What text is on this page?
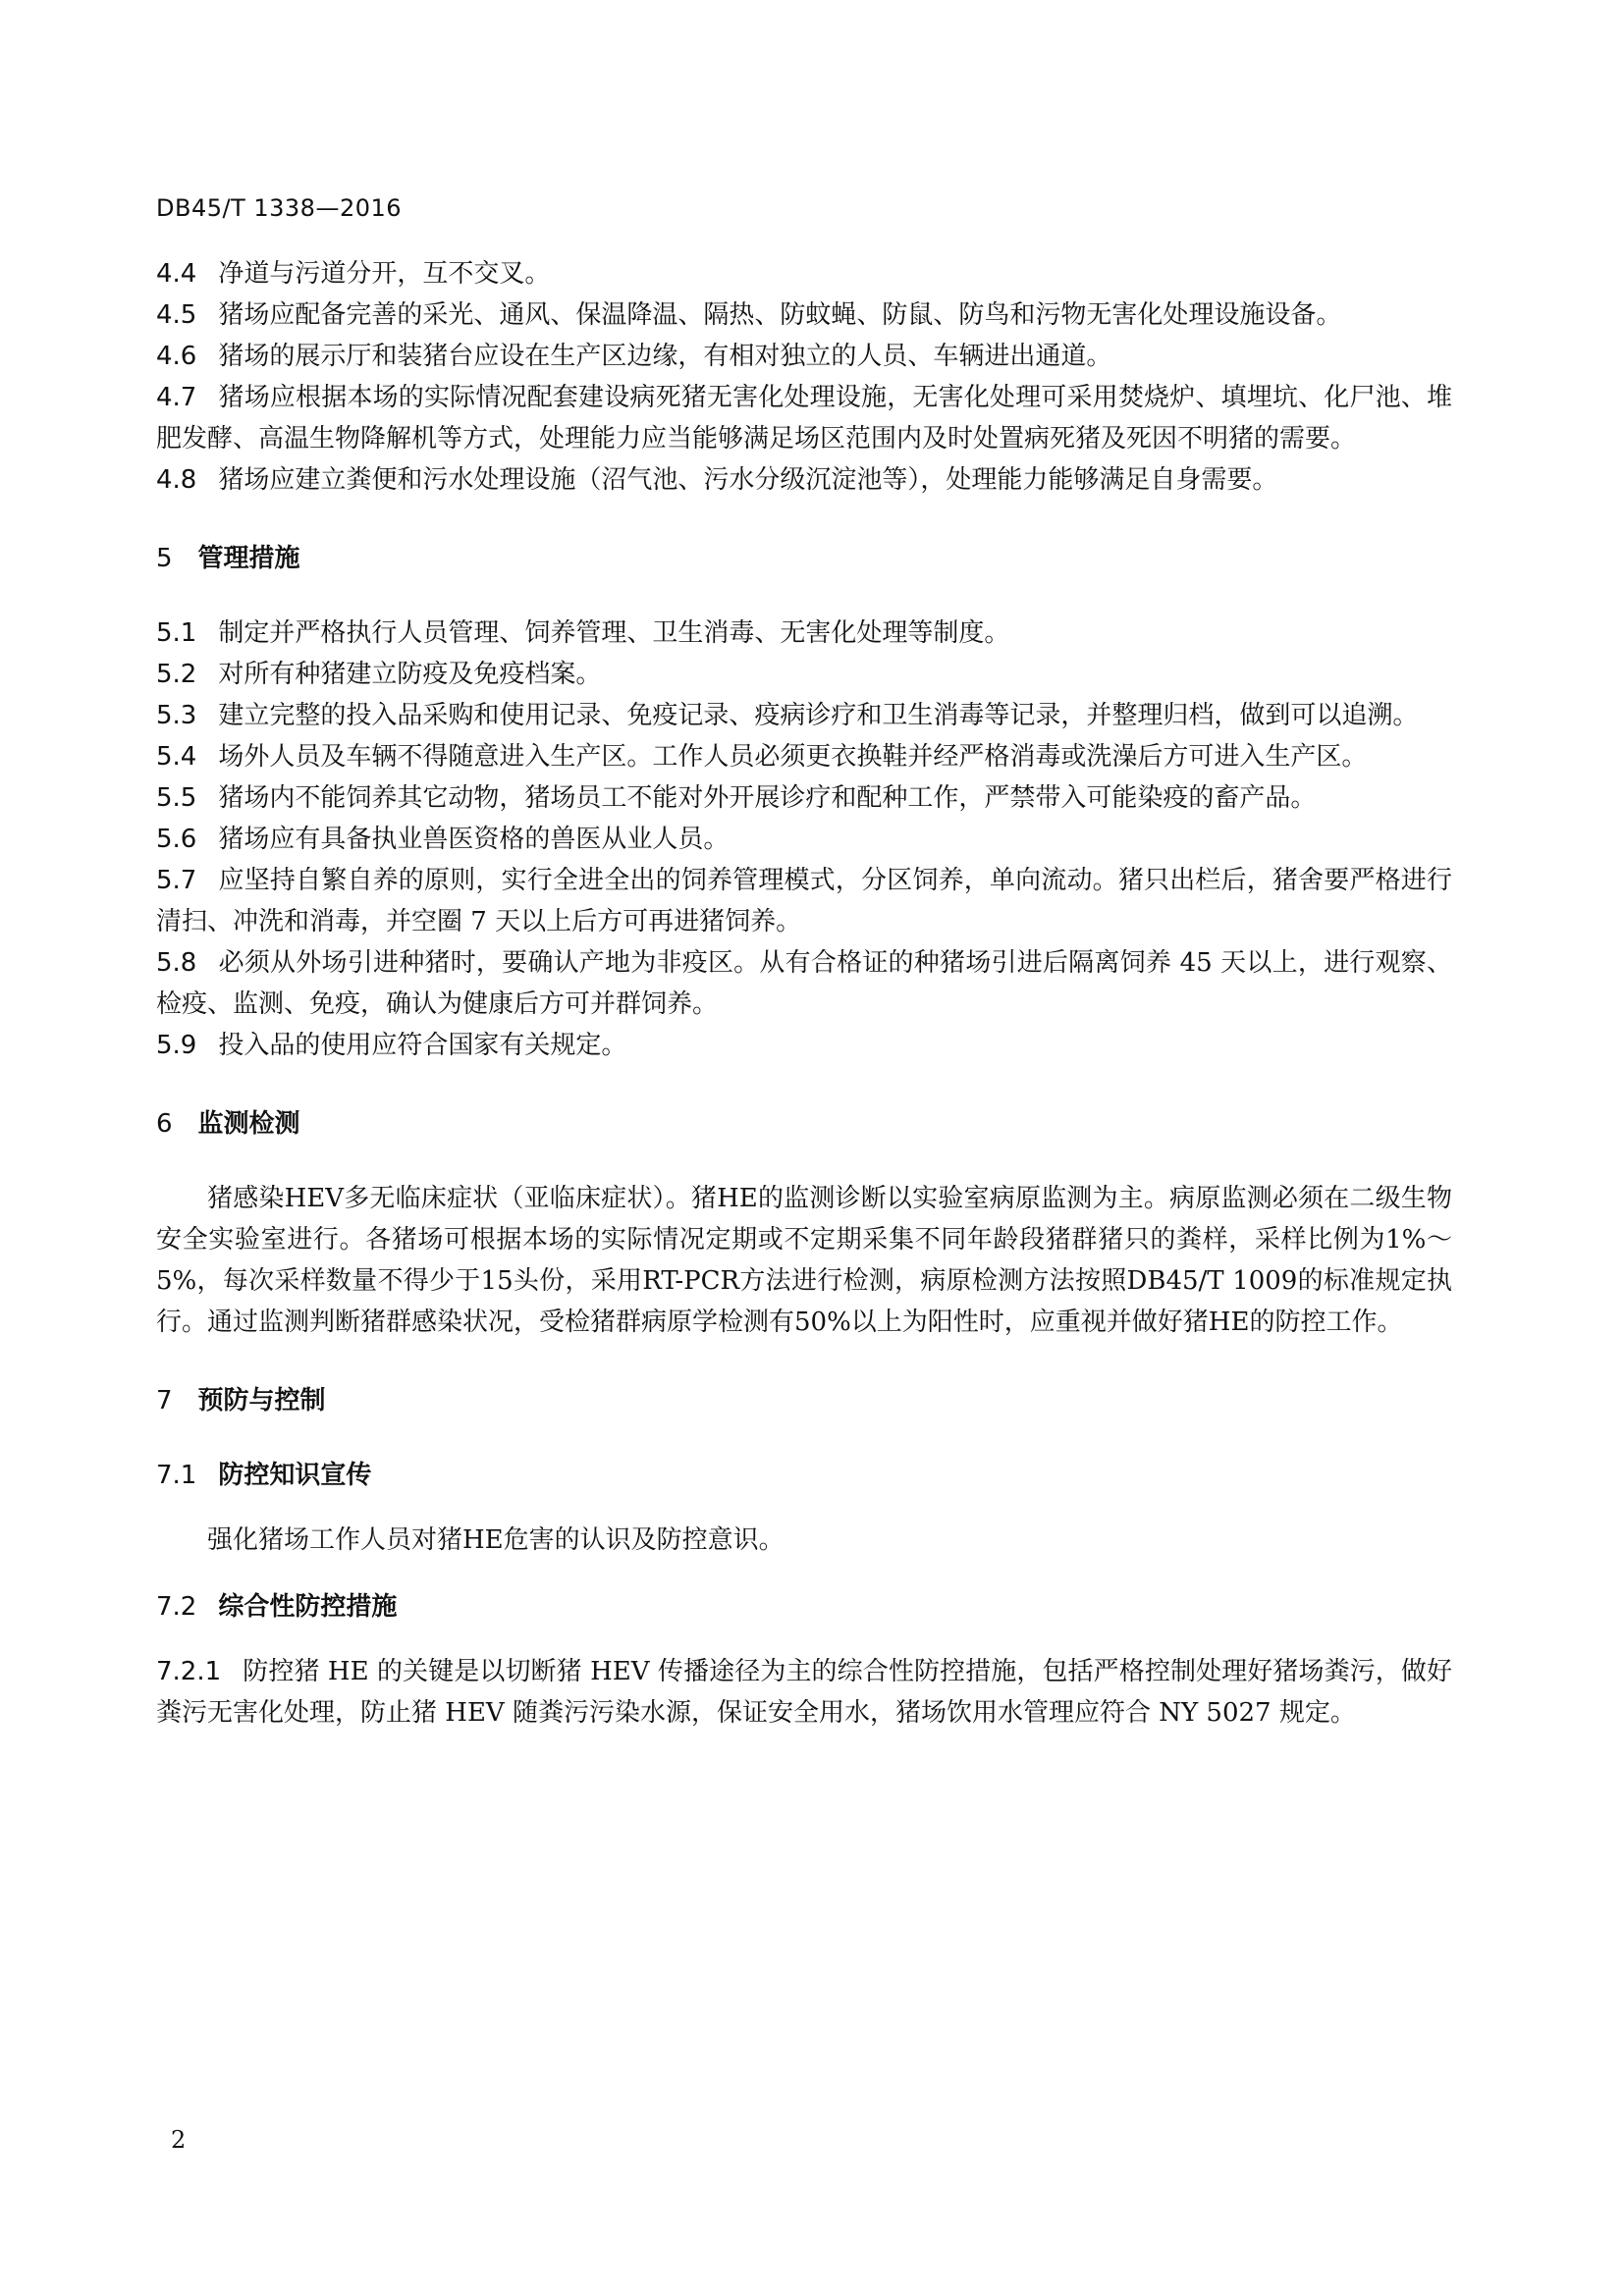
DB45/T 1338—2016

4.4 净道与污道分开，互不交叉。

4.5 猪场应配备完善的采光、通风、保温降温、隔热、防蚊蝇、防鼠、防鸟和污物无害化处理设施设备。

4.6 猪场的展示厅和装猪台应设在生产区边缘，有相对独立的人员、车辆进出通道。

4.7 猪场应根据本场的实际情况配套建设病死猪无害化处理设施，无害化处理可采用焚烧炉、填埋坑、化尸池、堆肥发酵、高温生物降解机等方式，处理能力应当能够满足场区范围内及时处置病死猪及死因不明猪的需要。

4.8 猪场应建立粪便和污水处理设施（沼气池、污水分级沉淀池等），处理能力能够满足自身需要。

5 管理措施

5.1 制定并严格执行人员管理、饲养管理、卫生消毒、无害化处理等制度。

5.2 对所有种猪建立防疫及免疫档案。

5.3 建立完整的投入品采购和使用记录、免疫记录、疫病诊疗和卫生消毒等记录，并整理归档，做到可以追溯。

5.4 场外人员及车辆不得随意进入生产区。工作人员必须更衣换鞋并经严格消毒或洗澡后方可进入生产区。

5.5 猪场内不能饲养其它动物，猪场员工不能对外开展诊疗和配种工作，严禁带入可能染疫的畜产品。

5.6 猪场应有具备执业兽医资格的兽医从业人员。

5.7 应坚持自繁自养的原则，实行全进全出的饲养管理模式，分区饲养，单向流动。猪只出栏后，猪舍要严格进行清扫、冲洗和消毒，并空圈 7 天以上后方可再进猪饲养。

5.8 必须从外场引进种猪时，要确认产地为非疫区。从有合格证的种猪场引进后隔离饲养 45 天以上，进行观察、检疫、监测、免疫，确认为健康后方可并群饲养。

5.9 投入品的使用应符合国家有关规定。

6 监测检测

猪感染HEV多无临床症状（亚临床症状）。猪HE的监测诊断以实验室病原监测为主。病原监测必须在二级生物安全实验室进行。各猪场可根据本场的实际情况定期或不定期采集不同年龄段猪群猪只的粪样，采样比例为1%～5%，每次采样数量不得少于15头份，采用RT-PCR方法进行检测，病原检测方法按照DB45/T 1009的标准规定执行。通过监测判断猪群感染状况，受检猪群病原学检测有50%以上为阳性时，应重视并做好猪HE的防控工作。

7 预防与控制
7.1 防控知识宣传

强化猪场工作人员对猪HE危害的认识及防控意识。

7.2 综合性防控措施

7.2.1 防控猪 HE 的关键是以切断猪 HEV 传播途径为主的综合性防控措施，包括严格控制处理好猪场粪污，做好粪污无害化处理，防止猪 HEV 随粪污污染水源，保证安全用水，猪场饮用水管理应符合 NY 5027 规定。

2
